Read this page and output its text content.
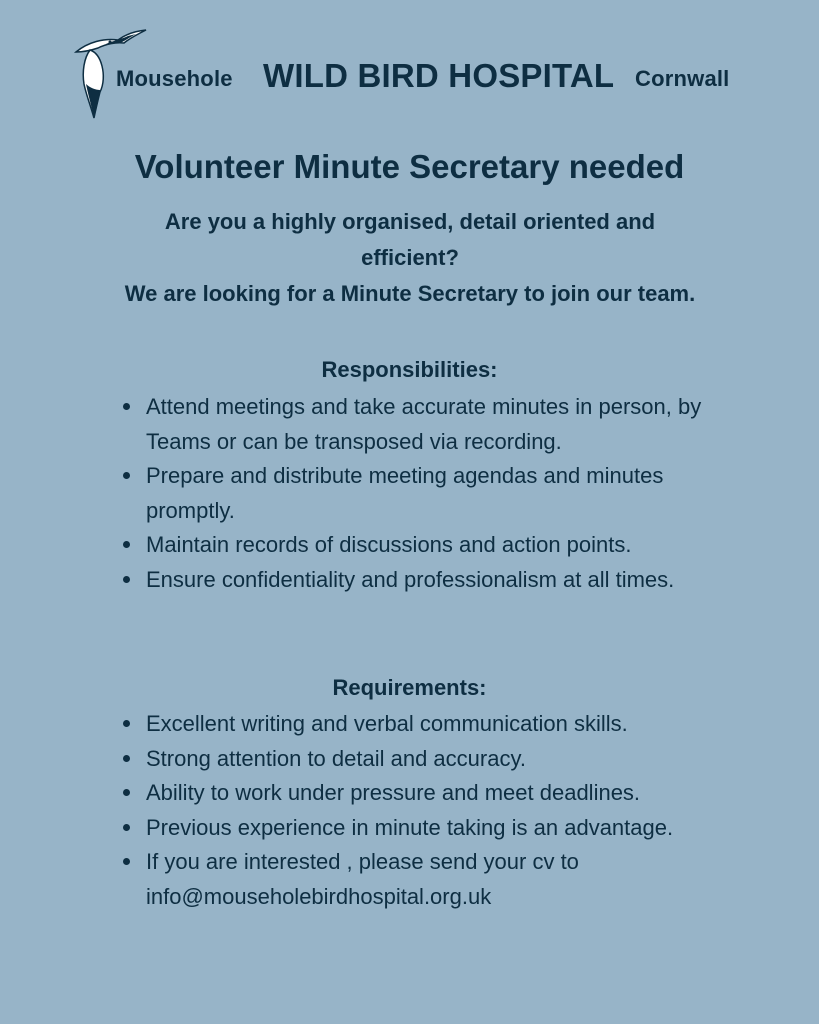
Mousehole WILD BIRD HOSPITAL Cornwall
Volunteer Minute Secretary needed
Are you a highly organised, detail oriented and
efficient?
We are looking for a Minute Secretary to join our team.
Responsibilities:
Attend meetings and take accurate minutes in person, by Teams or can be transposed via recording.
Prepare and distribute meeting agendas and minutes promptly.
Maintain records of discussions and action points.
Ensure confidentiality and professionalism at all times.
Requirements:
Excellent writing and verbal communication skills.
Strong attention to detail and accuracy.
Ability to work under pressure and meet deadlines.
Previous experience in minute taking is an advantage.
If you are interested , please send your cv to info@mouseholebirdhospital.org.uk
